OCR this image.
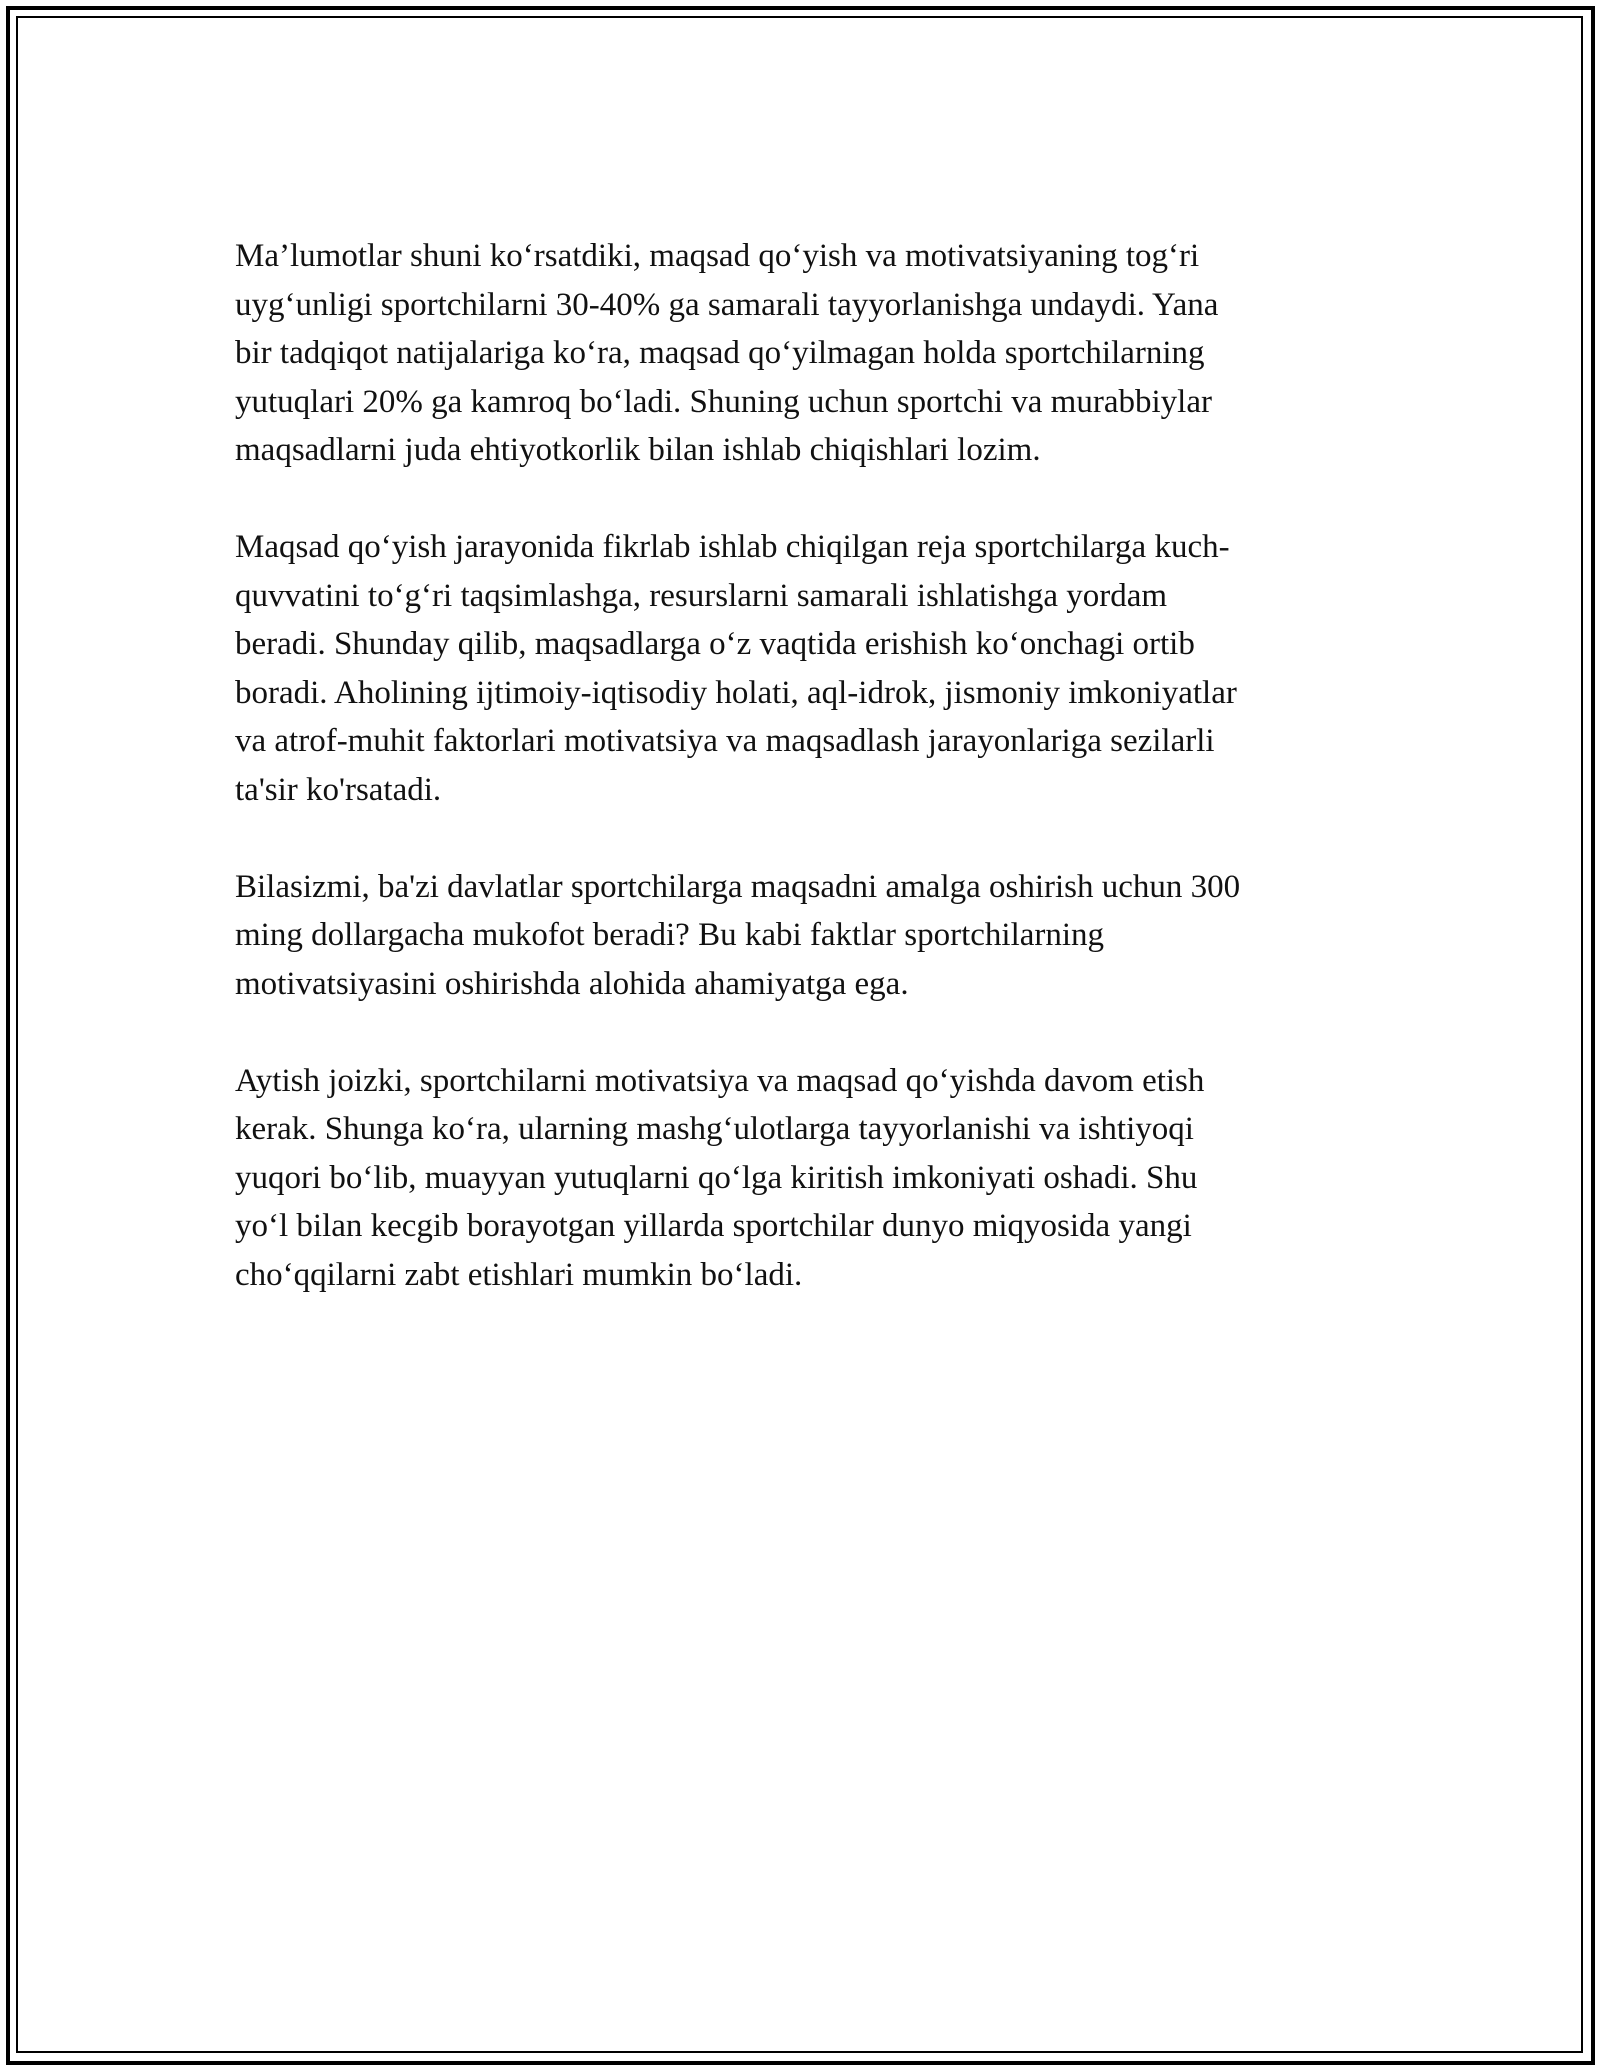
Ma’lumotlar shuni ko‘rsatdiki, maqsad qo‘yish va motivatsiyaning tog‘ri
uyg‘unligi sportchilarni 30-40% ga samarali tayyorlanishga undaydi. Yana
bir tadqiqot natijalariga ko‘ra, maqsad qo‘yilmagan holda sportchilarning
yutuqlari 20% ga kamroq bo‘ladi. Shuning uchun sportchi va murabbiylar
maqsadlarni juda ehtiyotkorlik bilan ishlab chiqishlari lozim.

Maqsad qo‘yish jarayonida fikrlab ishlab chiqilgan reja sportchilarga kuch-
quvvatini to‘g‘ri taqsimlashga, resurslarni samarali ishlatishga yordam
beradi. Shunday qilib, maqsadlarga o‘z vaqtida erishish ko‘onchagi ortib
boradi. Aholining ijtimoiy-iqtisodiy holati, aql-idrok, jismoniy imkoniyatlar
va atrof-muhit faktorlari motivatsiya va maqsadlash jarayonlariga sezilarli
ta'sir ko'rsatadi.

Bilasizmi, ba'zi davlatlar sportchilarga maqsadni amalga oshirish uchun 300
ming dollargacha mukofot beradi? Bu kabi faktlar sportchilarning
motivatsiyasini oshirishda alohida ahamiyatga ega.

Aytish joizki, sportchilarni motivatsiya va maqsad qo‘yishda davom etish
kerak. Shunga ko‘ra, ularning mashg‘ulotlarga tayyorlanishi va ishtiyoqi
yuqori bo‘lib, muayyan yutuqlarni qo‘lga kiritish imkoniyati oshadi. Shu
yo‘l bilan kecgib borayotgan yillarda sportchilar dunyo miqyosida yangi
cho‘qqilarni zabt etishlari mumkin bo‘ladi.
